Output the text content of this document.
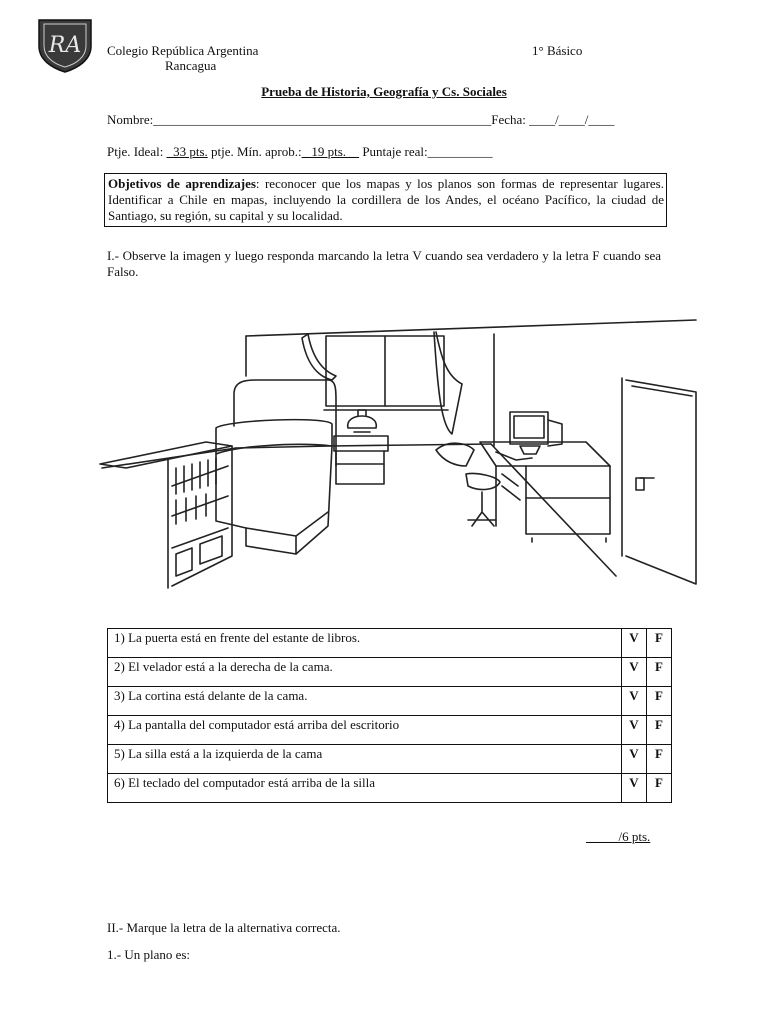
RA Colegio República Argentina
Rancagua
1° Básico
Prueba de Historia, Geografía y Cs. Sociales
Nombre:____________________________________________________Fecha: ____/____/____
Ptje. Ideal: _33 pts. ptje. Mín. aprob.:_ 19 pts.__ Puntaje real:__________
Objetivos de aprendizajes: reconocer que los mapas y los planos son formas de representar lugares. Identificar a Chile en mapas, incluyendo la cordillera de los Andes, el océano Pacífico, la ciudad de Santiago, su región, su capital y su localidad.
I.- Observe la imagen y luego responda marcando la letra V cuando sea verdadero y la letra F cuando sea Falso.
1) La puerta está en frente del estante de libros.	V	F
2) El velador está a la derecha de la cama.	V	F
3) La cortina está delante de la cama.	V	F
4) La pantalla del computador está arriba del escritorio	V	F
5) La silla está a la izquierda de la cama	V	F
6) El teclado del computador está arriba de la silla	V	F
_____/6 pts.
II.- Marque la letra de la alternativa correcta.
1.- Un plano es:
